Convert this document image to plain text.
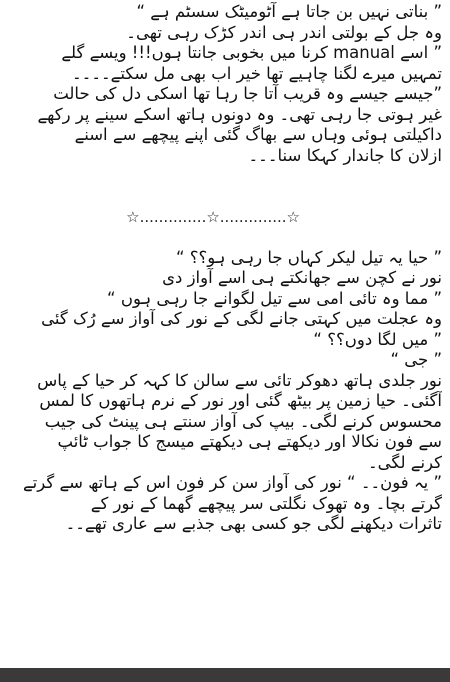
” بناتی نہیں بن جاتا ہے آٹومیٹک سسٹم ہے “
وہ جل کے بولتی اندر ہی اندر کڑک رہی تھی۔
” اسے manual کرنا میں بخوبی جانتا ہوں!!! ویسے گلے
تمہیں میرے لگنا چاہیے تھا خیر اب بھی مل سکتے۔۔۔۔
”جیسے جیسے وہ قریب آتا جا رہا تھا اسکی دل کی حالت
غیر ہوتی جا رہی تھی۔ وہ دونوں ہاتھ اسکے سینے پر رکھے
داکیلتی ہوئی وہاں سے بھاگ گئی اپنے پیچھے سے اسنے
ازلان کا جاندار کہکا سنا۔۔۔
☆..............☆..............☆
” حیا یہ تیل لیکر کہاں جا رہی ہو؟؟ “
نور نے کچن سے جھانکتے ہی اسے آواز دی
” مما وہ تائی امی سے تیل لگوانے جا رہی ہوں “
وہ عجلت میں کہتی جانے لگی کے نور کی آواز سے رُک گئی
” میں لگا دوں؟؟ “
” جی “
نور جلدی ہاتھ دھوکر تائی سے سالن کا کہہ کر حیا کے پاس
آگئی۔ حیا زمین پر بیٹھ گئی اور نور کے نرم ہاتھوں کا لمس
محسوس کرنے لگی۔ بیپ کی آواز سنتے ہی پینٹ کی جیب
سے فون نکالا اور دیکھتے ہی دیکھتے میسج کا جواب ٹائپ
کرنے لگی۔
” یہ فون۔۔ “ نور کی آواز سن کر فون اس کے ہاتھ سے گرتے
گرتے بچا۔ وہ تھوک نگلتی سر پیچھے گھما کے نور کے
تاثرات دیکھنے لگی جو کسی بھی جذبے سے عاری تھے۔۔
